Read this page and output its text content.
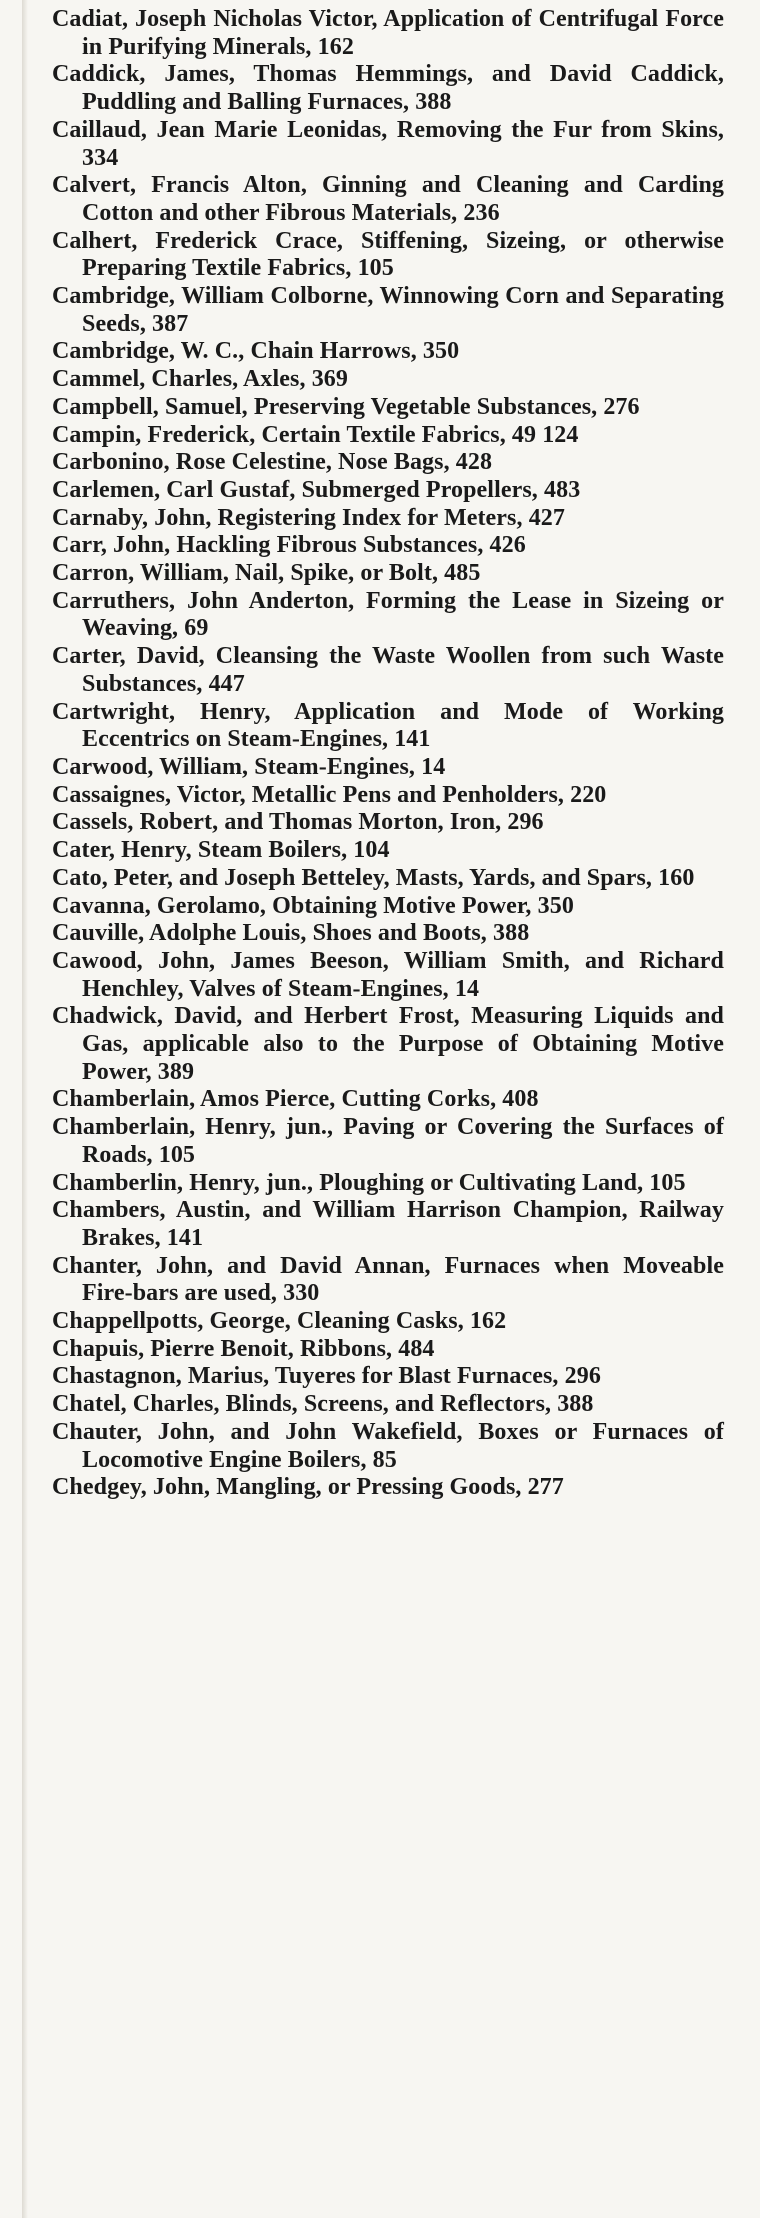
Cadiat, Joseph Nicholas Victor, Application of Centrifugal Force in Purifying Minerals, 162
Caddick, James, Thomas Hemmings, and David Caddick, Puddling and Balling Furnaces, 388
Caillaud, Jean Marie Leonidas, Removing the Fur from Skins, 334
Calvert, Francis Alton, Ginning and Cleaning and Carding Cotton and other Fibrous Materials, 236
Calhert, Frederick Crace, Stiffening, Sizeing, or otherwise Preparing Textile Fabrics, 105
Cambridge, William Colborne, Winnowing Corn and Separating Seeds, 387
Cambridge, W. C., Chain Harrows, 350
Cammel, Charles, Axles, 369
Campbell, Samuel, Preserving Vegetable Substances, 276
Campin, Frederick, Certain Textile Fabrics, 49 124
Carbonino, Rose Celestine, Nose Bags, 428
Carlemen, Carl Gustaf, Submerged Propellers, 483
Carnaby, John, Registering Index for Meters, 427
Carr, John, Hackling Fibrous Substances, 426
Carron, William, Nail, Spike, or Bolt, 485
Carruthers, John Anderton, Forming the Lease in Sizeing or Weaving, 69
Carter, David, Cleansing the Waste Woollen from such Waste Substances, 447
Cartwright, Henry, Application and Mode of Working Eccentrics on Steam-Engines, 141
Carwood, William, Steam-Engines, 14
Cassaignes, Victor, Metallic Pens and Penholders, 220
Cassels, Robert, and Thomas Morton, Iron, 296
Cater, Henry, Steam Boilers, 104
Cato, Peter, and Joseph Betteley, Masts, Yards, and Spars, 160
Cavanna, Gerolamo, Obtaining Motive Power, 350
Cauville, Adolphe Louis, Shoes and Boots, 388
Cawood, John, James Beeson, William Smith, and Richard Henchley, Valves of Steam-Engines, 14
Chadwick, David, and Herbert Frost, Measuring Liquids and Gas, applicable also to the Purpose of Obtaining Motive Power, 389
Chamberlain, Amos Pierce, Cutting Corks, 408
Chamberlain, Henry, jun., Paving or Covering the Surfaces of Roads, 105
Chamberlin, Henry, jun., Ploughing or Cultivating Land, 105
Chambers, Austin, and William Harrison Champion, Railway Brakes, 141
Chanter, John, and David Annan, Furnaces when Moveable Fire-bars are used, 330
Chappellpotts, George, Cleaning Casks, 162
Chapuis, Pierre Benoit, Ribbons, 484
Chastagnon, Marius, Tuyeres for Blast Furnaces, 296
Chatel, Charles, Blinds, Screens, and Reflectors, 388
Chauter, John, and John Wakefield, Boxes or Furnaces of Locomotive Engine Boilers, 85
Chedgey, John, Mangling, or Pressing Goods, 277
